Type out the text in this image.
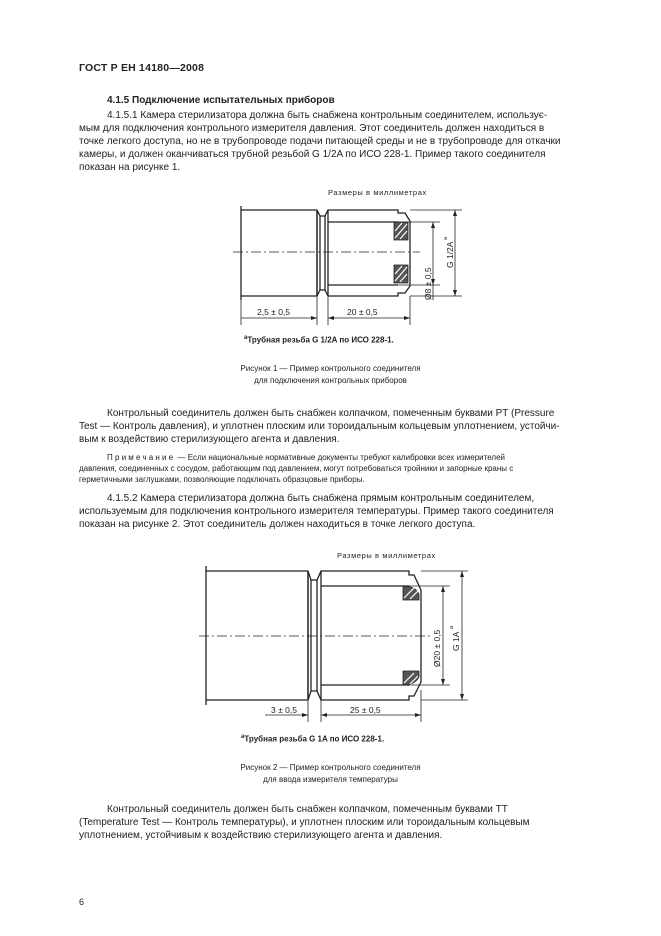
ГОСТ Р ЕН 14180—2008
4.1.5 Подключение испытательных приборов
4.1.5.1 Камера стерилизатора должна быть снабжена контрольным соединителем, использує-
мым для подключения контрольного измерителя давления. Этот соединитель должен находиться в
точке легкого доступа, но не в трубопроводе подачи питающей среды и не в трубопроводе для откачки
камеры, и должен оканчиваться трубной резьбой G 1/2A по ИСО 228-1. Пример такого соединителя
показан на рисунке 1.
Размеры в миллиметрах
2,5 ± 0,5	20 ± 0,5
Ø8 ± 0,5
G 1/2A
a
$^a$Трубная резьба G 1/2A по ИСО 228-1.
Рисунок 1 — Пример контрольного соединителя
для подключения контрольных приборов
Контрольный соединитель должен быть снабжен колпачком, помеченным буквами PT (Pressure
Test — Контроль давления), и уплотнен плоским или тороидальным кольцевым уплотнением, устойчи-
вым к воздействию стерилизующего агента и давления.
Примечание — Если национальные нормативные документы требуют калибровки всех измерителей
давления, соединенных с сосудом, работающим под давлением, могут потребоваться тройники и запорные краны с
герметичными заглушками, позволяющие подключать образцовые приборы.
4.1.5.2 Камера стерилизатора должна быть снабжена прямым контрольным соединителем,
используемым для подключения контрольного измерителя температуры. Пример такого соединителя
показан на рисунке 2. Этот соединитель должен находиться в точке легкого доступа.
Размеры в миллиметрах
3 ± 0,5	25 ± 0,5
Ø20 ± 0,5 G 1A
a
$^a$Трубная резьба G 1A по ИСО 228-1.
Рисунок 2 — Пример контрольного соединителя
для ввода измерителя температуры
Контрольный соединитель должен быть снабжен колпачком, помеченным буквами TT
(Temperature Test — Контроль температуры), и уплотнен плоским или тороидальным кольцевым
уплотнением, устойчивым к воздействию стерилизующего агента и давления.
6
